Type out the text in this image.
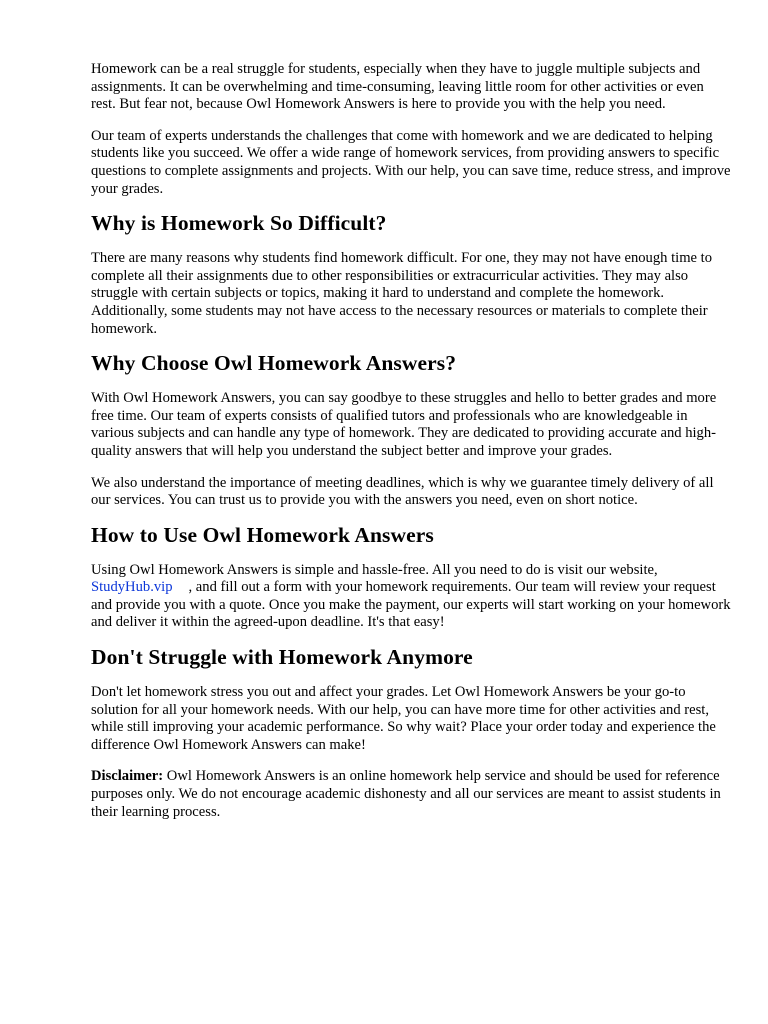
Homework can be a real struggle for students, especially when they have to juggle multiple subjects and assignments. It can be overwhelming and time-consuming, leaving little room for other activities or even rest. But fear not, because Owl Homework Answers is here to provide you with the help you need.

Our team of experts understands the challenges that come with homework and we are dedicated to helping students like you succeed. We offer a wide range of homework services, from providing answers to specific questions to complete assignments and projects. With our help, you can save time, reduce stress, and improve your grades.

Why is Homework So Difficult?

There are many reasons why students find homework difficult. For one, they may not have enough time to complete all their assignments due to other responsibilities or extracurricular activities. They may also struggle with certain subjects or topics, making it hard to understand and complete the homework. Additionally, some students may not have access to the necessary resources or materials to complete their homework.

Why Choose Owl Homework Answers?

With Owl Homework Answers, you can say goodbye to these struggles and hello to better grades and more free time. Our team of experts consists of qualified tutors and professionals who are knowledgeable in various subjects and can handle any type of homework. They are dedicated to providing accurate and high-quality answers that will help you understand the subject better and improve your grades.

We also understand the importance of meeting deadlines, which is why we guarantee timely delivery of all our services. You can trust us to provide you with the answers you need, even on short notice.

How to Use Owl Homework Answers

Using Owl Homework Answers is simple and hassle-free. All you need to do is visit our website,
StudyHub.vip , and fill out a form with your homework requirements. Our team will review your request and provide you with a quote. Once you make the payment, our experts will start working on your homework and deliver it within the agreed-upon deadline. It's that easy!

Don't Struggle with Homework Anymore

Don't let homework stress you out and affect your grades. Let Owl Homework Answers be your go-to solution for all your homework needs. With our help, you can have more time for other activities and rest, while still improving your academic performance. So why wait? Place your order today and experience the difference Owl Homework Answers can make!

Disclaimer: Owl Homework Answers is an online homework help service and should be used for reference purposes only. We do not encourage academic dishonesty and all our services are meant to assist students in their learning process.
